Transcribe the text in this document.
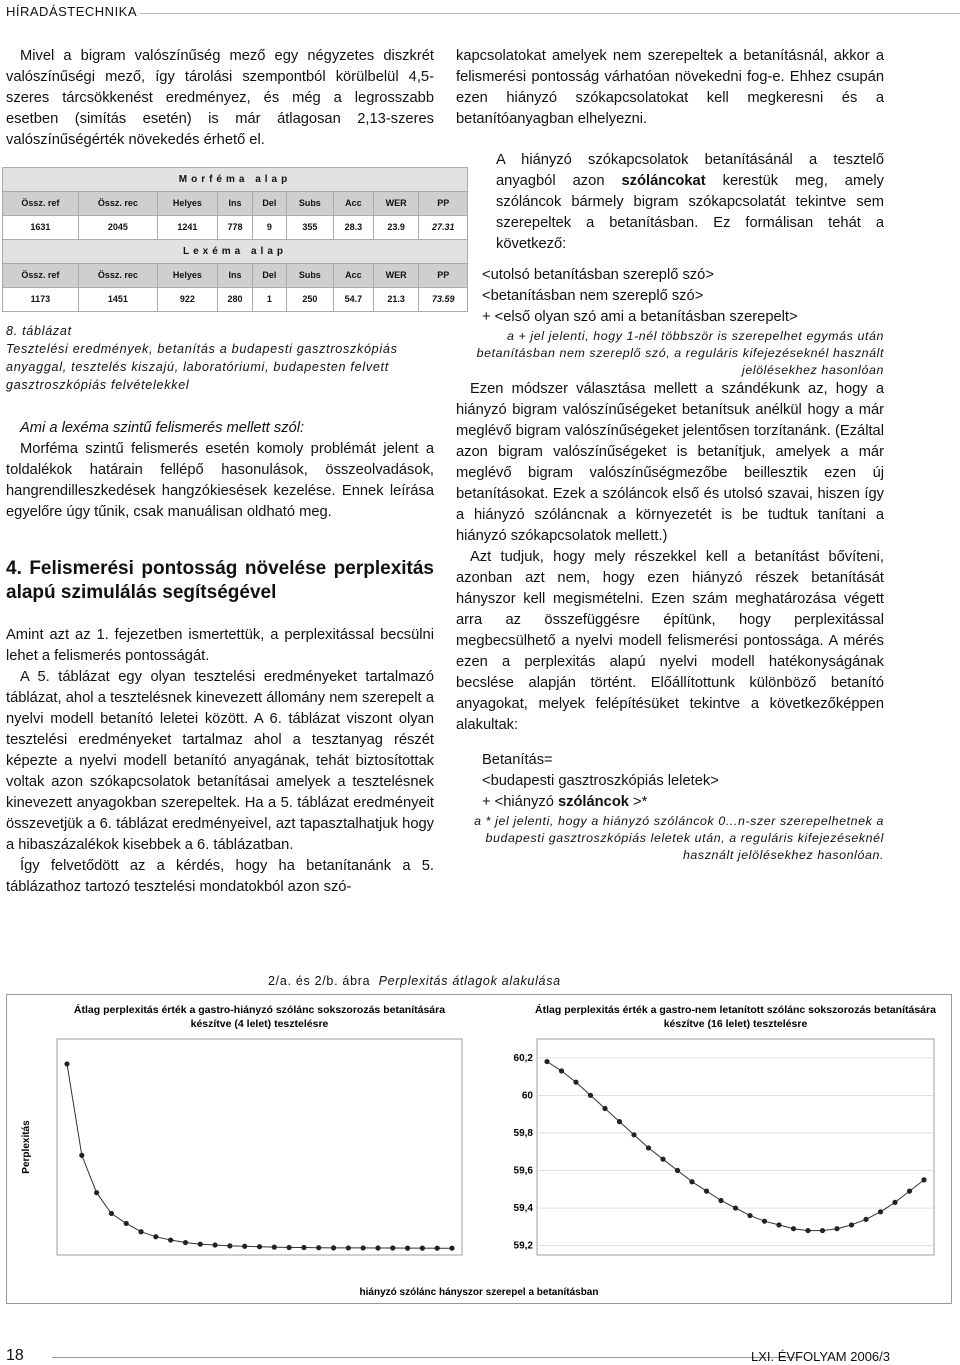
HÍRADÁSTECHNIKA

Mivel a bigram valószínűség mező egy négyzetes diszkrét valószínűségi mező, így tárolási szempontból körülbelül 4,5-szeres tárcsökkenést eredményez, és még a legrosszabb esetben (simítás esetén) is már átlagosan 2,13-szeres valószínűségérték növekedés érhető el.

Morféma alap								
Össz. ref	Össz. rec	Helyes	Ins	Del	Subs	Acc	WER	PP
1631	2045	1241	778	9	355	28.3	23.9	27.31
Lexéma alap								
Össz. ref	Össz. rec	Helyes	Ins	Del	Subs	Acc	WER	PP
1173	1451	922	280	1	250	54.7	21.3	73.59
8. táblázat
Tesztelési eredmények, betanítás a budapesti gasztroszkópiás anyaggal, tesztelés kiszajú, laboratóriumi, budapesten felvett gasztroszkópiás felvételekkel

Ami a lexéma szintű felismerés mellett szól:

Morféma szintű felismerés esetén komoly problémát jelent a toldalékok határain fellépő hasonulások, összeolvadások, hangrendilleszkedések hangzókiesések kezelése. Ennek leírása egyelőre úgy tűnik, csak manuálisan oldható meg.

4. Felismerési pontosság növelése perplexitás alapú szimulálás segítségével

Amint azt az 1. fejezetben ismertettük, a perplexitással becsülni lehet a felismerés pontosságát.

A 5. táblázat egy olyan tesztelési eredményeket tartalmazó táblázat, ahol a tesztelésnek kinevezett állomány nem szerepelt a nyelvi modell betanító leletei között. A 6. táblázat viszont olyan tesztelési eredményeket tartalmaz ahol a tesztanyag részét képezte a nyelvi modell betanító anyagának, tehát biztosítottak voltak azon szókapcsolatok betanításai amelyek a tesztelésnek kinevezett anyagokban szerepeltek. Ha a 5. táblázat eredményeit összevetjük a 6. táblázat eredményeivel, azt tapasztalhatjuk hogy a hibaszázalékok kisebbek a 6. táblázatban.

Így felvetődött az a kérdés, hogy ha betanítanánk a 5. táblázathoz tartozó tesztelési mondatokból azon szó-

kapcsolatokat amelyek nem szerepeltek a betanításnál, akkor a felismerési pontosság várhatóan növekedni fog-e. Ehhez csupán ezen hiányzó szókapcsolatokat kell megkeresni és a betanítóanyagban elhelyezni.

A hiányzó szókapcsolatok betanításánál a tesztelő anyagból azon szóláncokat kerestük meg, amely szóláncok bármely bigram szókapcsolatát tekintve sem szerepeltek a betanításban. Ez formálisan tehát a következő:

<utolsó betanításban szereplő szó>
<betanításban nem szereplő szó>
+ <első olyan szó ami a betanításban szerepelt>

a + jel jelenti, hogy 1-nél többször is szerepelhet egymás után betanításban nem szereplő szó, a reguláris kifejezéseknél használt jelölésekhez hasonlóan

Ezen módszer választása mellett a szándékunk az, hogy a hiányzó bigram valószínűségeket betanítsuk anélkül hogy a már meglévő bigram valószínűségeket jelentősen torzítanánk. (Ezáltal azon bigram valószínűségeket is betanítjuk, amelyek a már meglévő bigram valószínűségmezőbe beillesztik ezen új betanításokat. Ezek a szóláncok első és utolsó szavai, hiszen így a hiányzó szóláncnak a környezetét is be tudtuk tanítani a hiányzó szókapcsolatok mellett.)

Azt tudjuk, hogy mely részekkel kell a betanítást bővíteni, azonban azt nem, hogy ezen hiányzó részek betanítását hányszor kell megismételni. Ezen szám meghatározása végett arra az összefüggésre építünk, hogy perplexitással megbecsülhető a nyelvi modell felismerési pontossága. A mérés ezen a perplexitás alapú nyelvi modell hatékonyságának becslése alapján történt. Előállítottunk különböző betanító anyagokat, melyek felépítésüket tekintve a következőképpen alakultak:

Betanítás=
<budapesti gasztroszkópiás leletek>
+ <hiányzó szóláncok >*

a * jel jelenti, hogy a hiányzó szóláncok 0...n-szer szerepelhetnek a budapesti gasztroszkópiás leletek után, a reguláris kifejezéseknél használt jelölésekhez hasonlóan.

2/a. és 2/b. ábra Perplexitás átlagok alakulása
Átlag perplexitás érték a gastro-hiányzó szólánc sokszorozás betanítására
készítve (4 lelet) tesztelésre
Perplexitás
hiányzó szólánc hányszor szerepel a betanításban
Átlag perplexitás érték a gastro-nem letanított szólánc sokszorozás betanítására
készítve (16 lelet) tesztelésre
60,2
60
59,8
59,6
59,4
59,2
18	LXI. ÉVFOLYAM 2006/3
